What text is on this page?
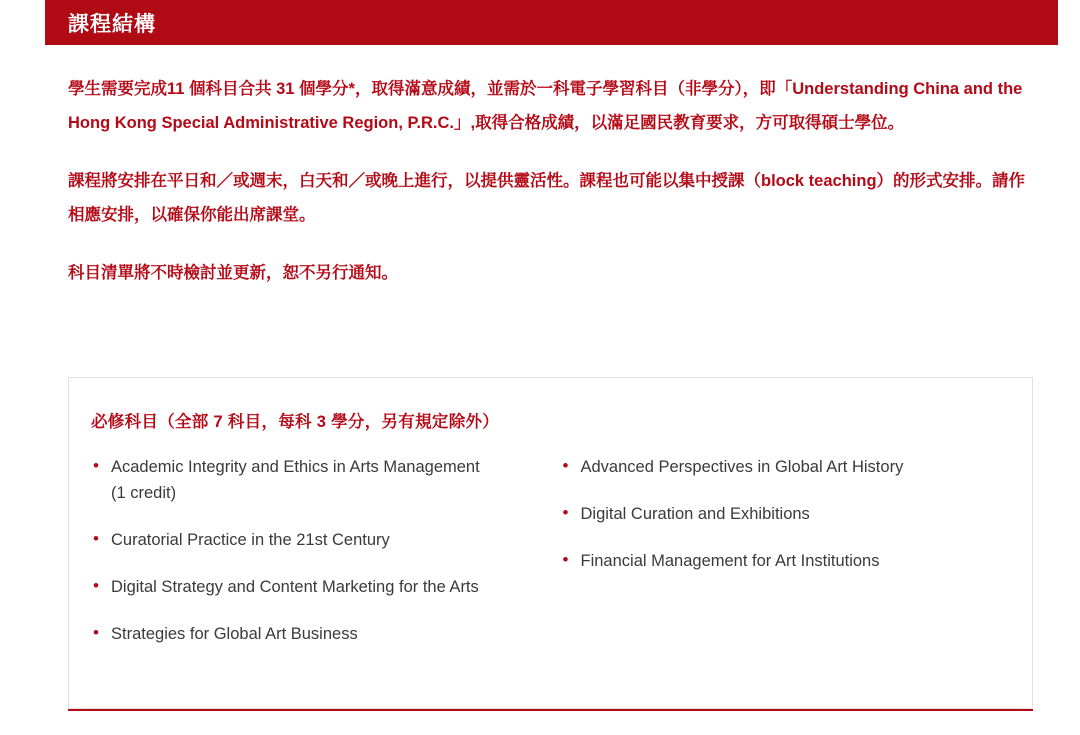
課程結構

學生需要完成11 個科目合共 31 個學分*，取得滿意成績，並需於一科電子學習科目（非學分），即「Understanding China and the Hong Kong Special Administrative Region, P.R.C.」,取得合格成績，以滿足國民教育要求，方可取得碩士學位。

課程將安排在平日和／或週末，白天和／或晚上進行，以提供靈活性。課程也可能以集中授課（block teaching）的形式安排。請作相應安排，以確保你能出席課堂。

科目清單將不時檢討並更新，恕不另行通知。

必修科目（全部 7 科目，每科 3 學分，另有規定除外）
• Academic Integrity and Ethics in Arts Management (1 credit)
• Curatorial Practice in the 21st Century
• Digital Strategy and Content Marketing for the Arts
• Strategies for Global Art Business
• Advanced Perspectives in Global Art History
• Digital Curation and Exhibitions
• Financial Management for Art Institutions
